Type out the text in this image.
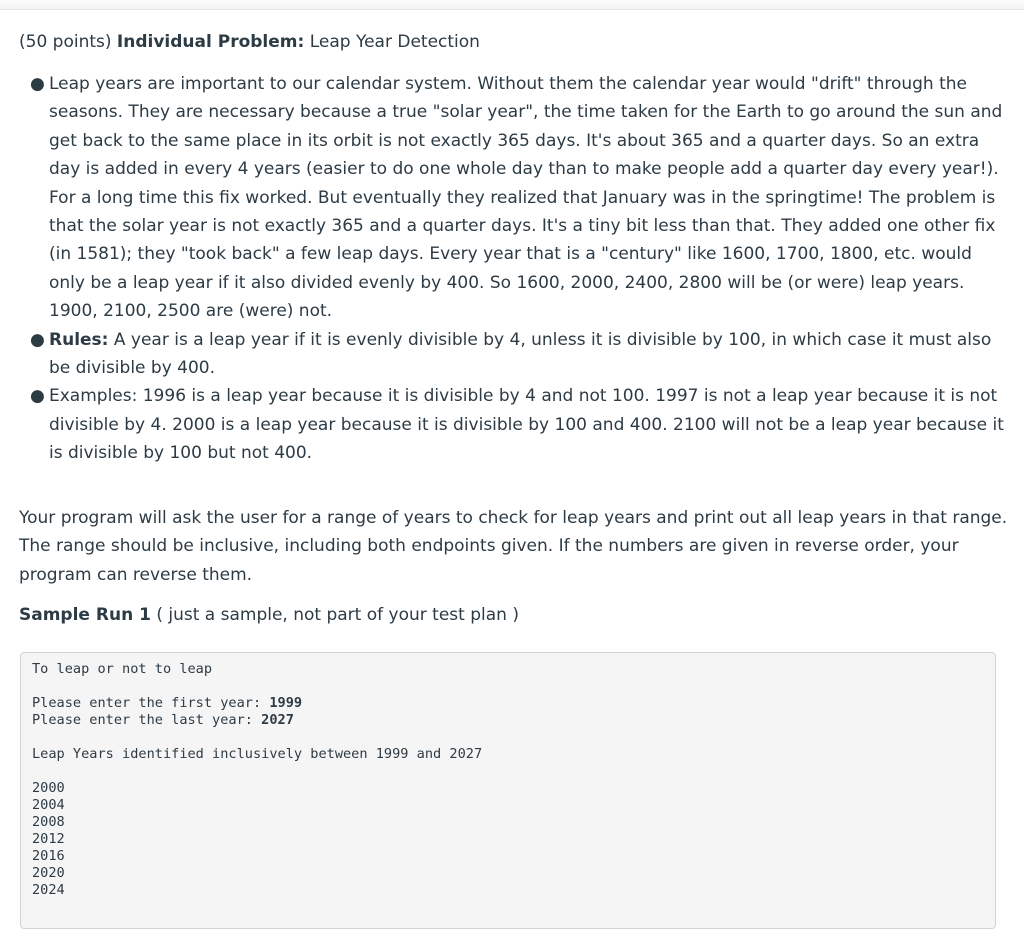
(50 points) Individual Problem: Leap Year Detection

● Leap years are important to our calendar system. Without them the calendar year would "drift" through the seasons. They are necessary because a true "solar year", the time taken for the Earth to go around the sun and get back to the same place in its orbit is not exactly 365 days. It's about 365 and a quarter days. So an extra day is added in every 4 years (easier to do one whole day than to make people add a quarter day every year!). For a long time this fix worked. But eventually they realized that January was in the springtime! The problem is that the solar year is not exactly 365 and a quarter days. It's a tiny bit less than that. They added one other fix (in 1581); they "took back" a few leap days. Every year that is a "century" like 1600, 1700, 1800, etc. would only be a leap year if it also divided evenly by 400. So 1600, 2000, 2400, 2800 will be (or were) leap years. 1900, 2100, 2500 are (were) not.
● Rules: A year is a leap year if it is evenly divisible by 4, unless it is divisible by 100, in which case it must also be divisible by 400.
● Examples: 1996 is a leap year because it is divisible by 4 and not 100. 1997 is not a leap year because it is not divisible by 4. 2000 is a leap year because it is divisible by 100 and 400. 2100 will not be a leap year because it is divisible by 100 but not 400.

Your program will ask the user for a range of years to check for leap years and print out all leap years in that range. The range should be inclusive, including both endpoints given. If the numbers are given in reverse order, your program can reverse them.

Sample Run 1 ( just a sample, not part of your test plan )

To leap or not to leap
Please enter the first year: 1999
Please enter the last year: 2027
Leap Years identified inclusively between 1999 and 2027
2000
2004
2008
2012
2016
2020
2024
